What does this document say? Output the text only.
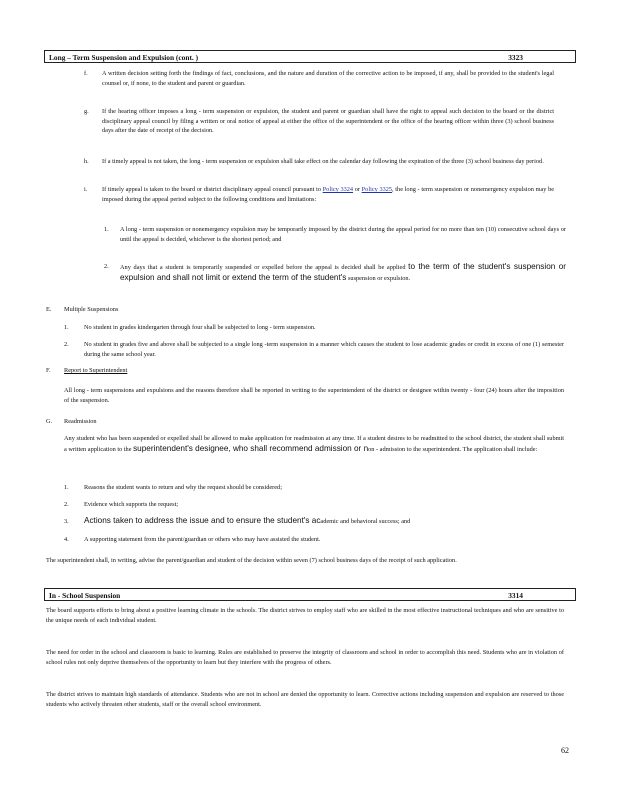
Long – Term Suspension and Expulsion (cont. )	3323
f. A written decision setting forth the findings of fact, conclusions, and the nature and duration of the corrective action to be imposed, if any, shall be provided to the student's legal counsel or, if none, to the student and parent or guardian.
g. If the hearing officer imposes a long - term suspension or expulsion, the student and parent or guardian shall have the right to appeal such decision to the board or the district disciplinary appeal council by filing a written or oral notice of appeal at either the office of the superintendent or the office of the hearing officer within three (3) school business days after the date of receipt of the decision.
h. If a timely appeal is not taken, the long - term suspension or expulsion shall take effect on the calendar day following the expiration of the three (3) school business day period.
i. If timely appeal is taken to the board or district disciplinary appeal council pursuant to Policy 3324 or Policy 3325, the long - term suspension or nonemergency expulsion may be imposed during the appeal period subject to the following conditions and limitations:
1. A long - term suspension or nonemergency expulsion may be temporarily imposed by the district during the appeal period for no more than ten (10) consecutive school days or until the appeal is decided, whichever is the shortest period; and
2. Any days that a student is temporarily suspended or expelled before the appeal is decided shall be applied to the term of the student's suspension or expulsion and shall not limit or extend the term of the student's suspension or expulsion.
E. Multiple Suspensions
1. No student in grades kindergarten through four shall be subjected to long - term suspension.
2. No student in grades five and above shall be subjected to a single long -term suspension in a manner which causes the student to lose academic grades or credit in excess of one (1) semester during the same school year.
F. Report to Superintendent
All long - term suspensions and expulsions and the reasons therefore shall be reported in writing to the superintendent of the district or designee within twenty - four (24) hours after the imposition of the suspension.
G. Readmission
Any student who has been suspended or expelled shall be allowed to make application for readmission at any time. If a student desires to be readmitted to the school district, the student shall submit a written application to the superintendent's designee, who shall recommend admission or non - admission to the superintendent. The application shall include:
1. Reasons the student wants to return and why the request should be considered;
2. Evidence which supports the request;
3. Actions taken to address the issue and to ensure the student's academic and behavioral success; and
4. A supporting statement from the parent/guardian or others who may have assisted the student.
The superintendent shall, in writing, advise the parent/guardian and student of the decision within seven (7) school business days of the receipt of such application.
In - School Suspension	3314
The board supports efforts to bring about a positive learning climate in the schools. The district strives to employ staff who are skilled in the most effective instructional techniques and who are sensitive to the unique needs of each individual student.
The need for order in the school and classroom is basic to learning. Rules are established to preserve the integrity of classroom and school in order to accomplish this need. Students who are in violation of school rules not only deprive themselves of the opportunity to learn but they interfere with the progress of others.
The district strives to maintain high standards of attendance. Students who are not in school are denied the opportunity to learn. Corrective actions including suspension and expulsion are reserved to those students who actively threaten other students, staff or the overall school environment.
62
